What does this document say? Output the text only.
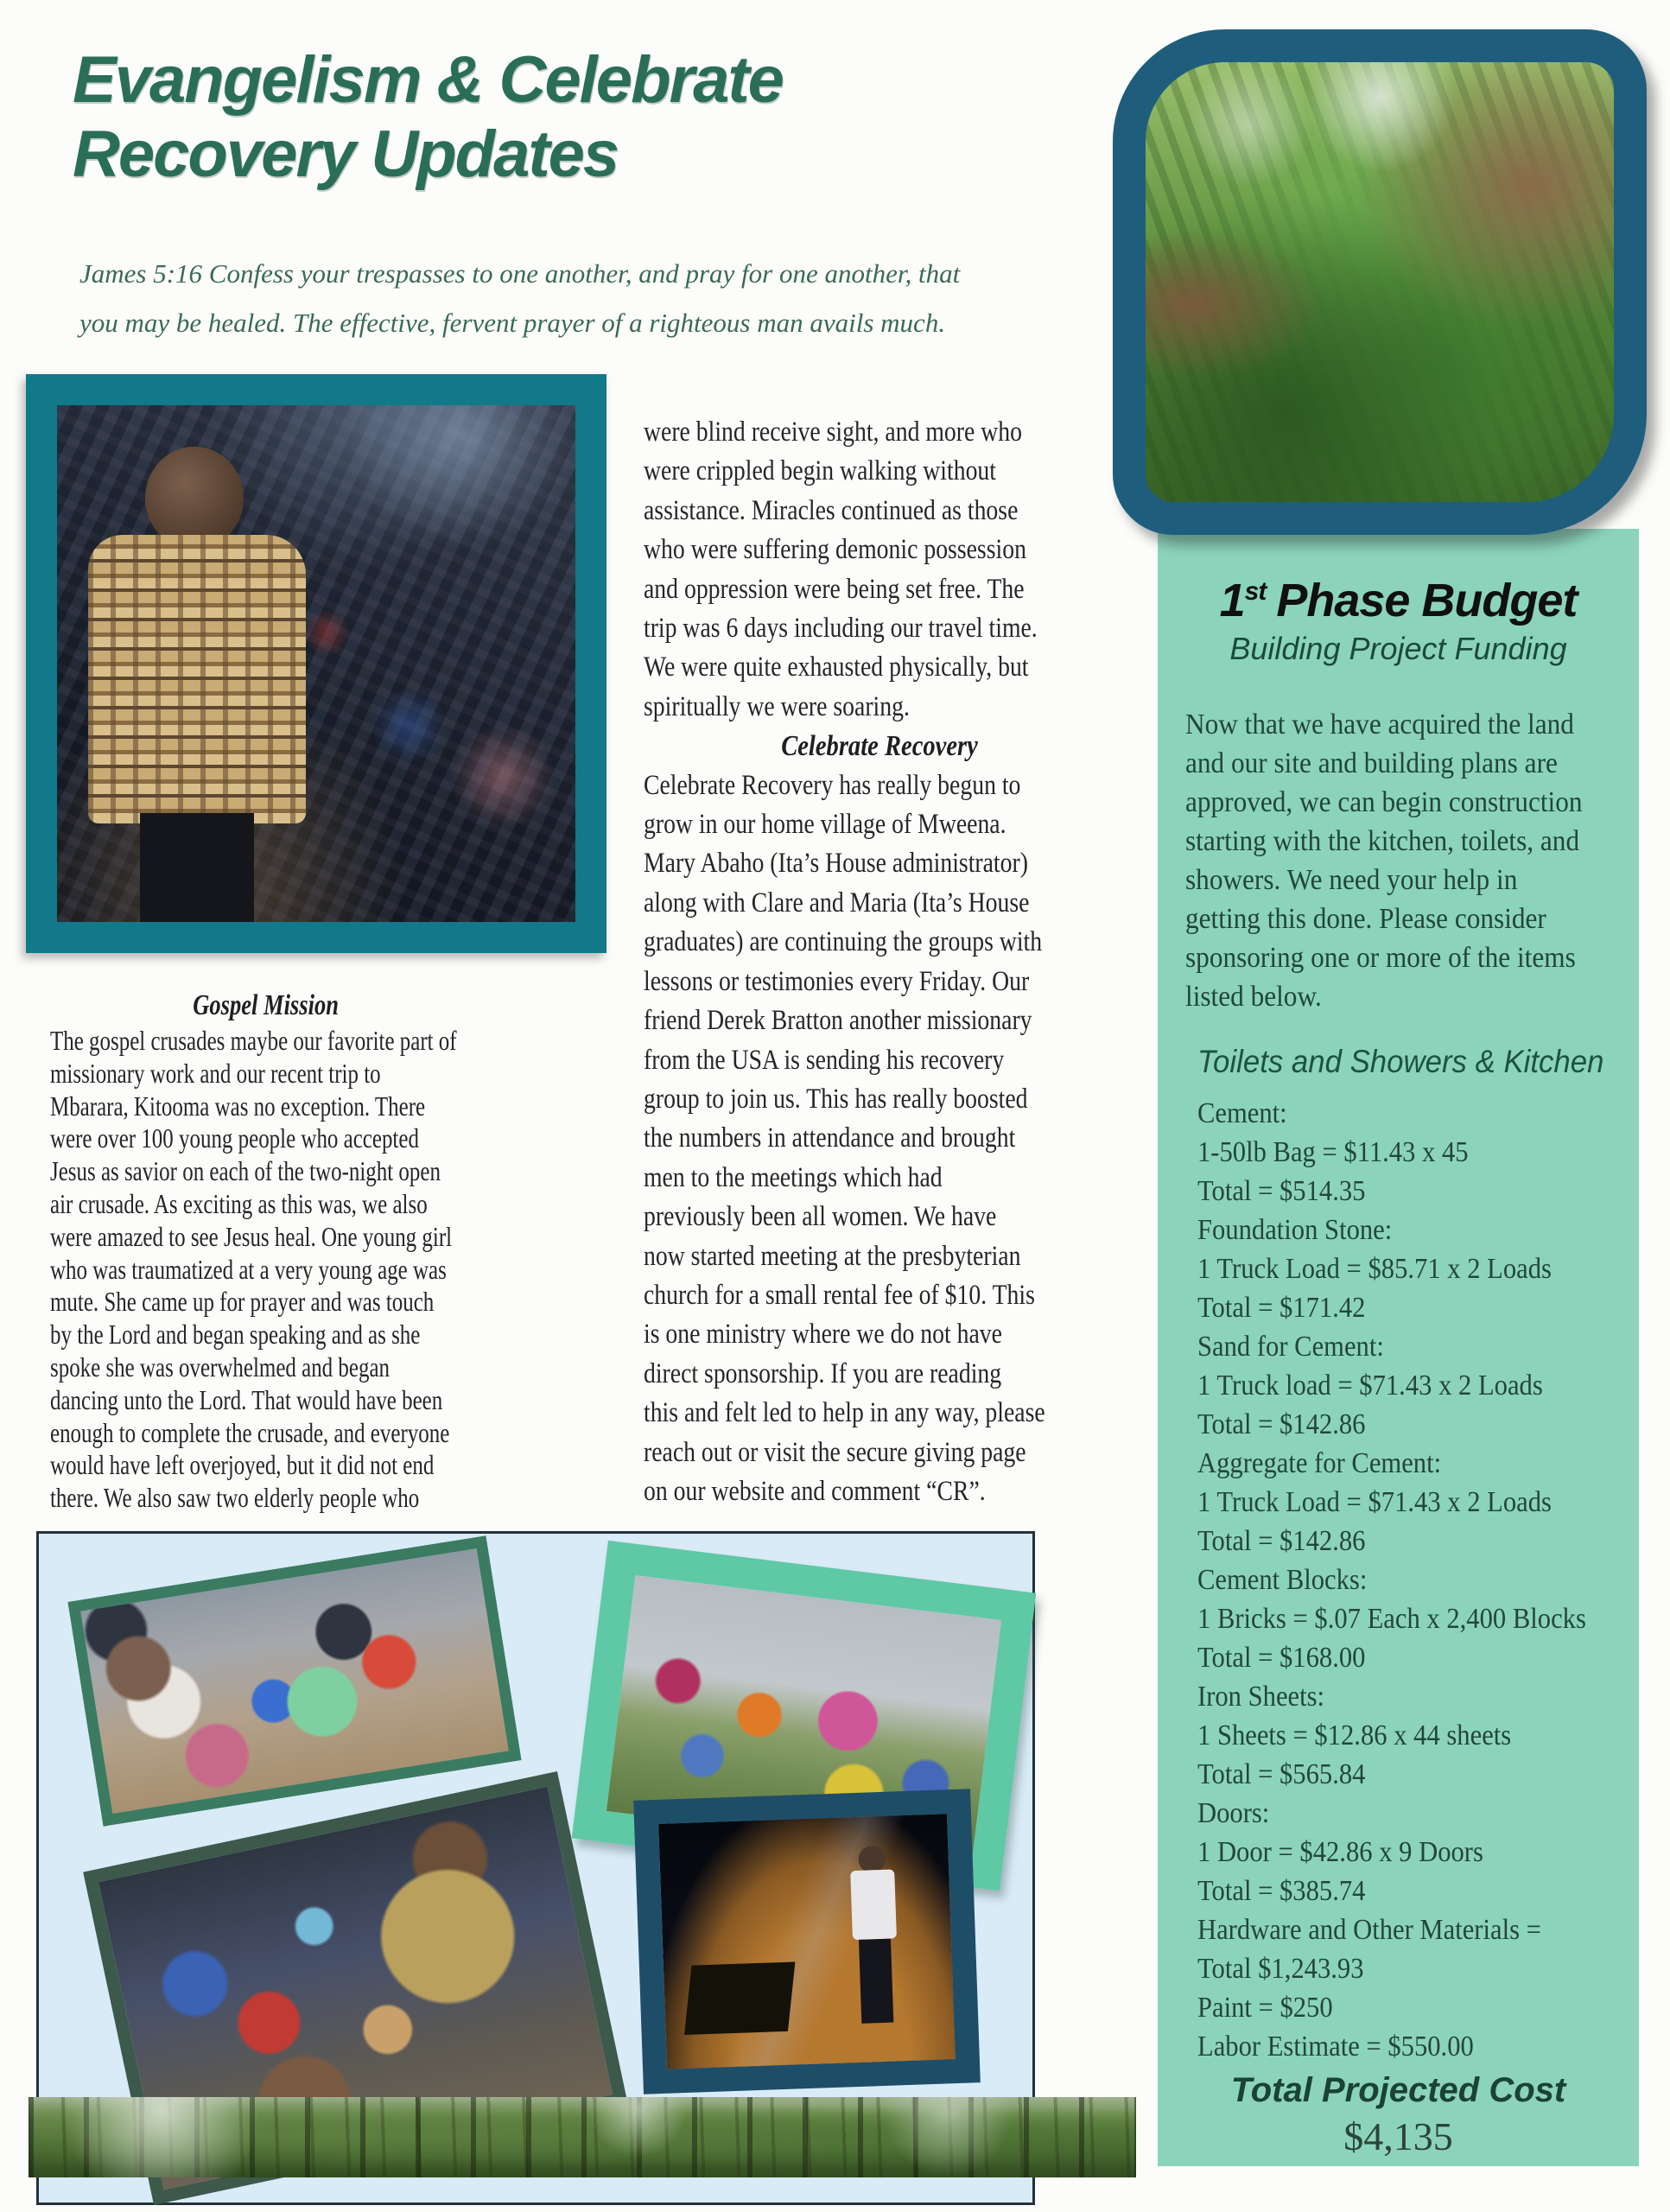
Evangelism & Celebrate
Recovery Updates

James 5:16 Confess your trespasses to one another, and pray for one another, that
you may be healed. The effective, fervent prayer of a righteous man avails much.

Gospel Mission
The gospel crusades maybe our favorite part of
missionary work and our recent trip to
Mbarara, Kitooma was no exception. There
were over 100 young people who accepted
Jesus as savior on each of the two-night open
air crusade. As exciting as this was, we also
were amazed to see Jesus heal. One young girl
who was traumatized at a very young age was
mute. She came up for prayer and was touch
by the Lord and began speaking and as she
spoke she was overwhelmed and began
dancing unto the Lord. That would have been
enough to complete the crusade, and everyone
would have left overjoyed, but it did not end
there. We also saw two elderly people who
were blind receive sight, and more who
were crippled begin walking without
assistance. Miracles continued as those
who were suffering demonic possession
and oppression were being set free. The
trip was 6 days including our travel time.
We were quite exhausted physically, but
spiritually we were soaring.
Celebrate Recovery
Celebrate Recovery has really begun to
grow in our home village of Mweena.
Mary Abaho (Ita’s House administrator)
along with Clare and Maria (Ita’s House
graduates) are continuing the groups with
lessons or testimonies every Friday. Our
friend Derek Bratton another missionary
from the USA is sending his recovery
group to join us. This has really boosted
the numbers in attendance and brought
men to the meetings which had
previously been all women. We have
now started meeting at the presbyterian
church for a small rental fee of $10. This
is one ministry where we do not have
direct sponsorship. If you are reading
this and felt led to help in any way, please
reach out or visit the secure giving page
on our website and comment “CR”.
1st Phase Budget
Building Project Funding
Now that we have acquired the land
and our site and building plans are
approved, we can begin construction
starting with the kitchen, toilets, and
showers. We need your help in
getting this done. Please consider
sponsoring one or more of the items
listed below.
Toilets and Showers & Kitchen
Cement:
1-50lb Bag = $11.43 x 45
Total = $514.35
Foundation Stone:
1 Truck Load = $85.71 x 2 Loads
Total = $171.42
Sand for Cement:
1 Truck load = $71.43 x 2 Loads
Total = $142.86
Aggregate for Cement:
1 Truck Load = $71.43 x 2 Loads
Total = $142.86
Cement Blocks:
1 Bricks = $.07 Each x 2,400 Blocks
Total = $168.00
Iron Sheets:
1 Sheets = $12.86 x 44 sheets
Total = $565.84
Doors:
1 Door = $42.86 x 9 Doors
Total = $385.74
Hardware and Other Materials =
Total $1,243.93
Paint = $250
Labor Estimate = $550.00
Total Projected Cost
$4,135
